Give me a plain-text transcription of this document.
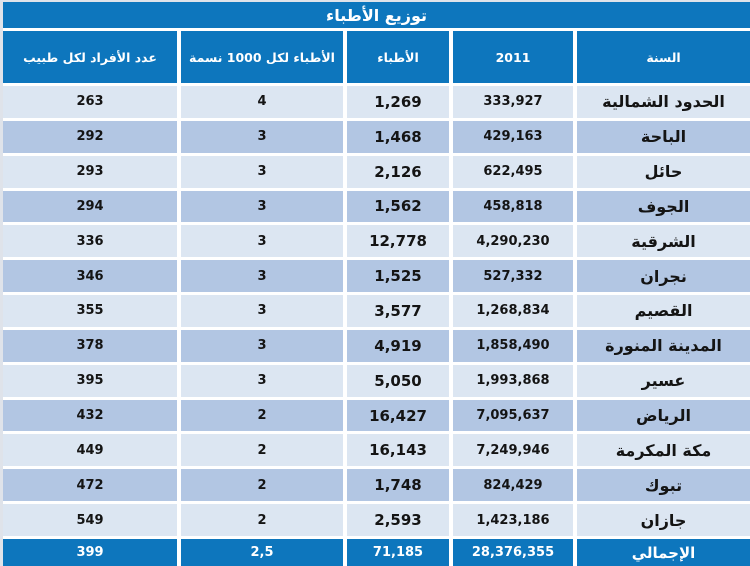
توزيع الأطباء
السنة
2011
الأطباء
الأطباء لكل 1000 نسمة
عدد الأفراد لكل طبيب
الحدود الشمالية
333,927
1,269
4
263
الباحة
429,163
1,468
3
292
حائل
622,495
2,126
3
293
الجوف
458,818
1,562
3
294
الشرقية
4,290,230
12,778
3
336
نجران
527,332
1,525
3
346
القصيم
1,268,834
3,577
3
355
المدينة المنورة
1,858,490
4,919
3
378
عسير
1,993,868
5,050
3
395
الرياض
7,095,637
16,427
2
432
مكة المكرمة
7,249,946
16,143
2
449
تبوك
824,429
1,748
2
472
جازان
1,423,186
2,593
2
549
الإجمالي
28,376,355
71,185
2,5
399
